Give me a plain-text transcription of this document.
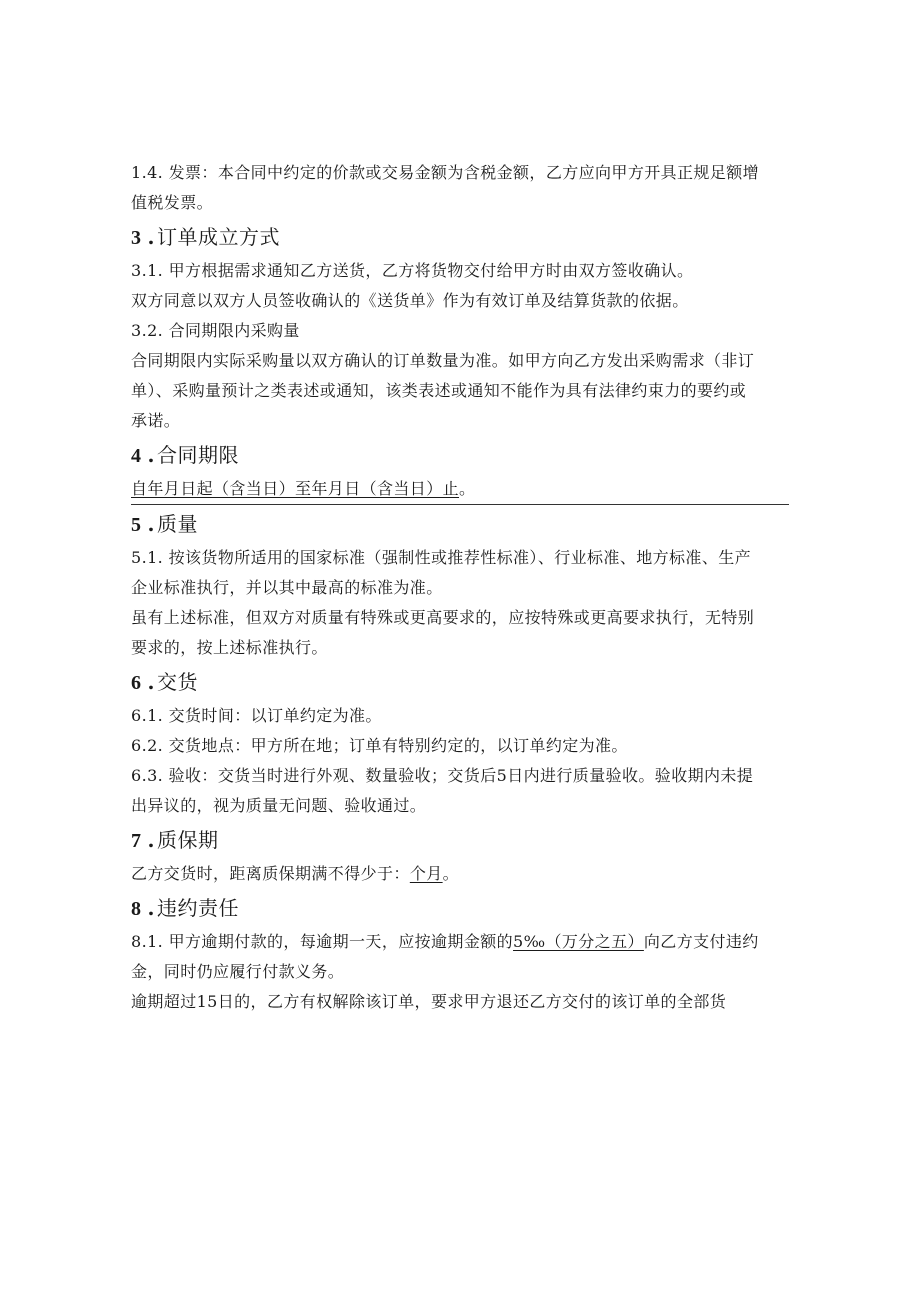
1.4. 发票：本合同中约定的价款或交易金额为含税金额，乙方应向甲方开具正规足额增

值税发票。

3 . 订单成立方式

3.1. 甲方根据需求通知乙方送货，乙方将货物交付给甲方时由双方签收确认。

双方同意以双方人员签收确认的《送货单》作为有效订单及结算货款的依据。

3.2. 合同期限内采购量

合同期限内实际采购量以双方确认的订单数量为准。如甲方向乙方发出采购需求（非订

单）、采购量预计之类表述或通知，该类表述或通知不能作为具有法律约束力的要约或

承诺。

4 . 合同期限

自年月日起（含当日）至年月日（含当日）止。

5 . 质量

5.1. 按该货物所适用的国家标准（强制性或推荐性标准）、行业标准、地方标准、生产

企业标准执行，并以其中最高的标准为准。

虽有上述标准，但双方对质量有特殊或更高要求的，应按特殊或更高要求执行，无特别

要求的，按上述标准执行。

6 . 交货

6.1. 交货时间：以订单约定为准。

6.2. 交货地点：甲方所在地；订单有特别约定的，以订单约定为准。

6.3. 验收：交货当时进行外观、数量验收；交货后5日内进行质量验收。验收期内未提

出异议的，视为质量无问题、验收通过。

7 . 质保期

乙方交货时，距离质保期满不得少于：个月。

8 . 违约责任

8.1. 甲方逾期付款的，每逾期一天，应按逾期金额的5‰（万分之五）向乙方支付违约

金，同时仍应履行付款义务。

逾期超过15日的，乙方有权解除该订单，要求甲方退还乙方交付的该订单的全部货
